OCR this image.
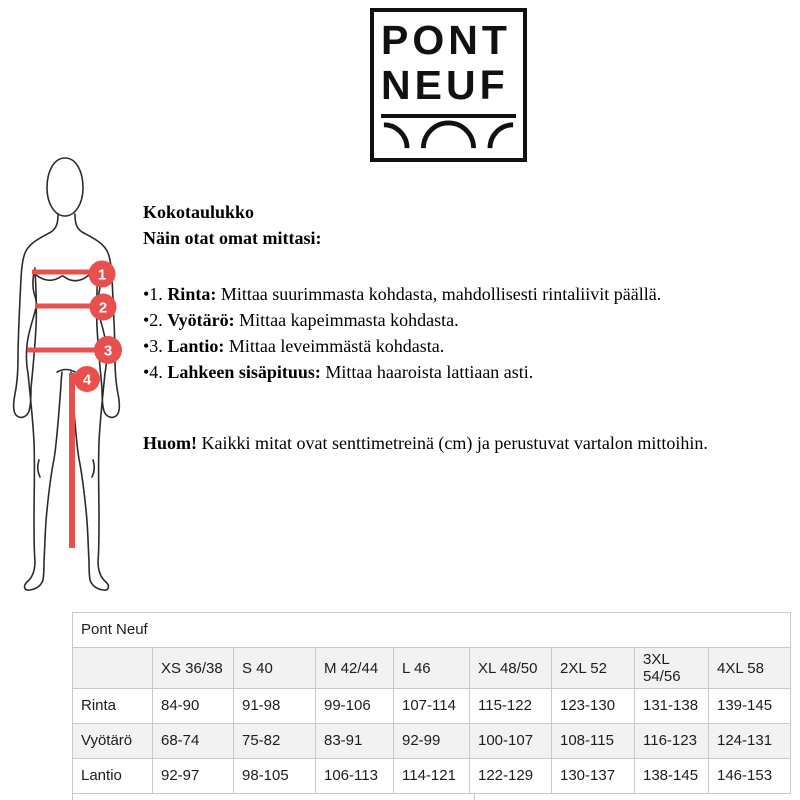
PONT
NEUF
1
2
3
4
Kokotaulukko
Näin otat omat mittasi:
•1. Rinta: Mittaa suurimmasta kohdasta, mahdollisesti rintaliivit päällä.
•2. Vyötärö: Mittaa kapeimmasta kohdasta.
•3. Lantio: Mittaa leveimmästä kohdasta.
•4. Lahkeen sisäpituus: Mittaa haaroista lattiaan asti.
Huom! Kaikki mitat ovat senttimetreinä (cm) ja perustuvat vartalon mittoihin.
Pont Neuf								
	XS 36/38	S 40	M 42/44	L 46	XL 48/50	2XL 52	3XL 54/56	4XL 58
Rinta	84-90	91-98	99-106	107-114	115-122	123-130	131-138	139-145
Vyötärö	68-74	75-82	83-91	92-99	100-107	108-115	116-123	124-131
Lantio	92-97	98-105	106-113	114-121	122-129	130-137	138-145	146-153
